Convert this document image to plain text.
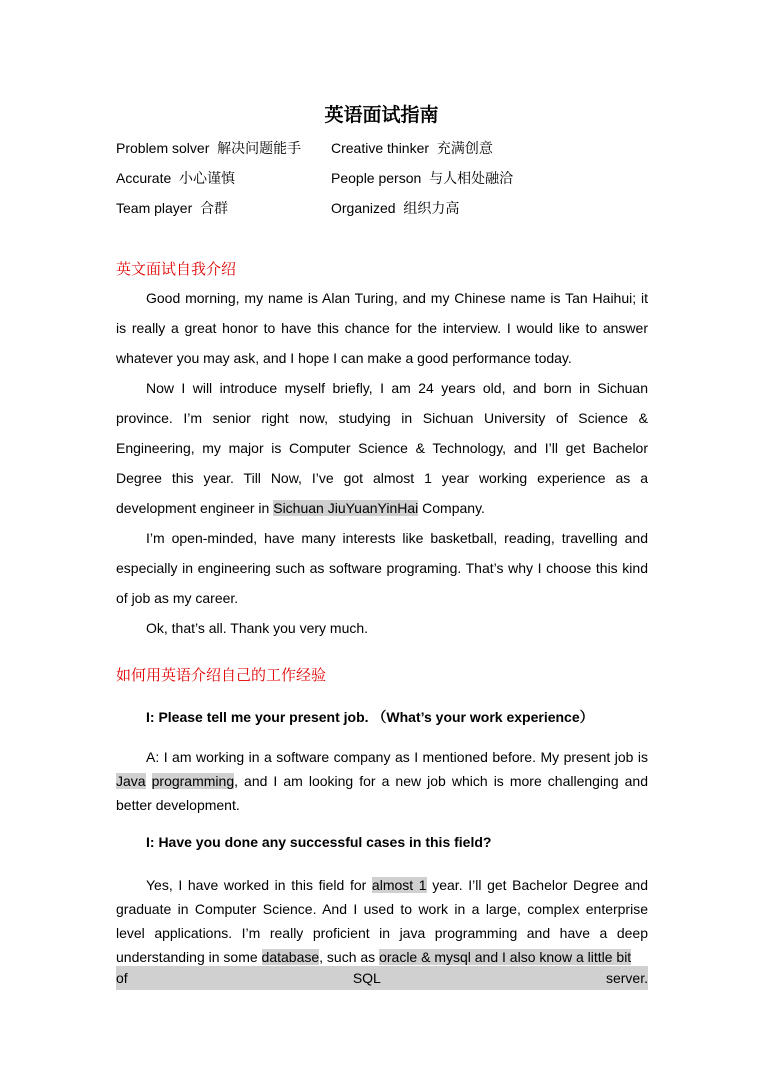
英语面试指南
Problem solver 解决问题能手 Creative thinker 充满创意
Accurate 小心谨慎	People person 与人相处融洽
Team player 合群	Organized 组织力高
英文面试自我介绍
Good morning, my name is Alan Turing, and my Chinese name is Tan Haihui; it is really a great honor to have this chance for the interview. I would like to answer whatever you may ask, and I hope I can make a good performance today.
Now I will introduce myself briefly, I am 24 years old, and born in Sichuan province. I’m senior right now, studying in Sichuan University of Science & Engineering, my major is Computer Science & Technology, and I’ll get Bachelor Degree this year. Till Now, I’ve got almost 1 year working experience as a development engineer in Sichuan JiuYuanYinHai Company.
I’m open-minded, have many interests like basketball, reading, travelling and especially in engineering such as software programing. That’s why I choose this kind of job as my career.
Ok, that’s all. Thank you very much.
如何用英语介绍自己的工作经验
I: Please tell me your present job. （What’s your work experience）
A: I am working in a software company as I mentioned before. My present job is Java programming, and I am looking for a new job which is more challenging and better development.
I: Have you done any successful cases in this field?
Yes, I have worked in this field for almost 1 year. I’ll get Bachelor Degree and graduate in Computer Science. And I used to work in a large, complex enterprise level applications. I’m really proficient in java programming and have a deep understanding in some database, such as oracle & mysql and I also know a little bit
of	SQL	server.
